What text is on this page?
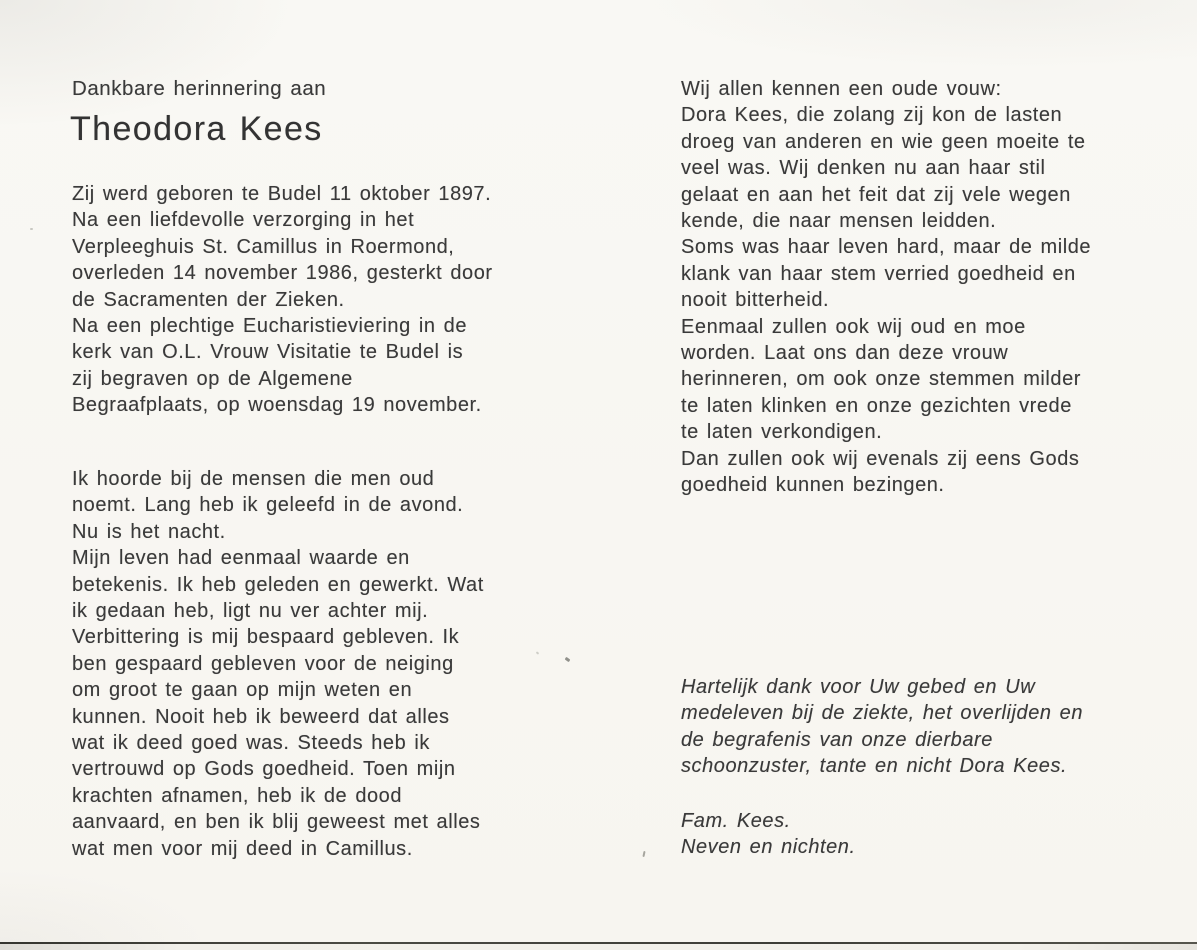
Dankbare herinnering aan
Theodora Kees
Zij werd geboren te Budel 11 oktober 1897.
Na een liefdevolle verzorging in het
Verpleeghuis St. Camillus in Roermond,
overleden 14 november 1986, gesterkt door
de Sacramenten der Zieken.
Na een plechtige Eucharistieviering in de
kerk van O.L. Vrouw Visitatie te Budel is
zij begraven op de Algemene
Begraafplaats, op woensdag 19 november.
Ik hoorde bij de mensen die men oud
noemt. Lang heb ik geleefd in de avond.
Nu is het nacht.
Mijn leven had eenmaal waarde en
betekenis. Ik heb geleden en gewerkt. Wat
ik gedaan heb, ligt nu ver achter mij.
Verbittering is mij bespaard gebleven. Ik
ben gespaard gebleven voor de neiging
om groot te gaan op mijn weten en
kunnen. Nooit heb ik beweerd dat alles
wat ik deed goed was. Steeds heb ik
vertrouwd op Gods goedheid. Toen mijn
krachten afnamen, heb ik de dood
aanvaard, en ben ik blij geweest met alles
wat men voor mij deed in Camillus.
Wij allen kennen een oude vouw:
Dora Kees, die zolang zij kon de lasten
droeg van anderen en wie geen moeite te
veel was. Wij denken nu aan haar stil
gelaat en aan het feit dat zij vele wegen
kende, die naar mensen leidden.
Soms was haar leven hard, maar de milde
klank van haar stem verried goedheid en
nooit bitterheid.
Eenmaal zullen ook wij oud en moe
worden. Laat ons dan deze vrouw
herinneren, om ook onze stemmen milder
te laten klinken en onze gezichten vrede
te laten verkondigen.
Dan zullen ook wij evenals zij eens Gods
goedheid kunnen bezingen.
Hartelijk dank voor Uw gebed en Uw
medeleven bij de ziekte, het overlijden en
de begrafenis van onze dierbare
schoonzuster, tante en nicht Dora Kees.
Fam. Kees.
Neven en nichten.
